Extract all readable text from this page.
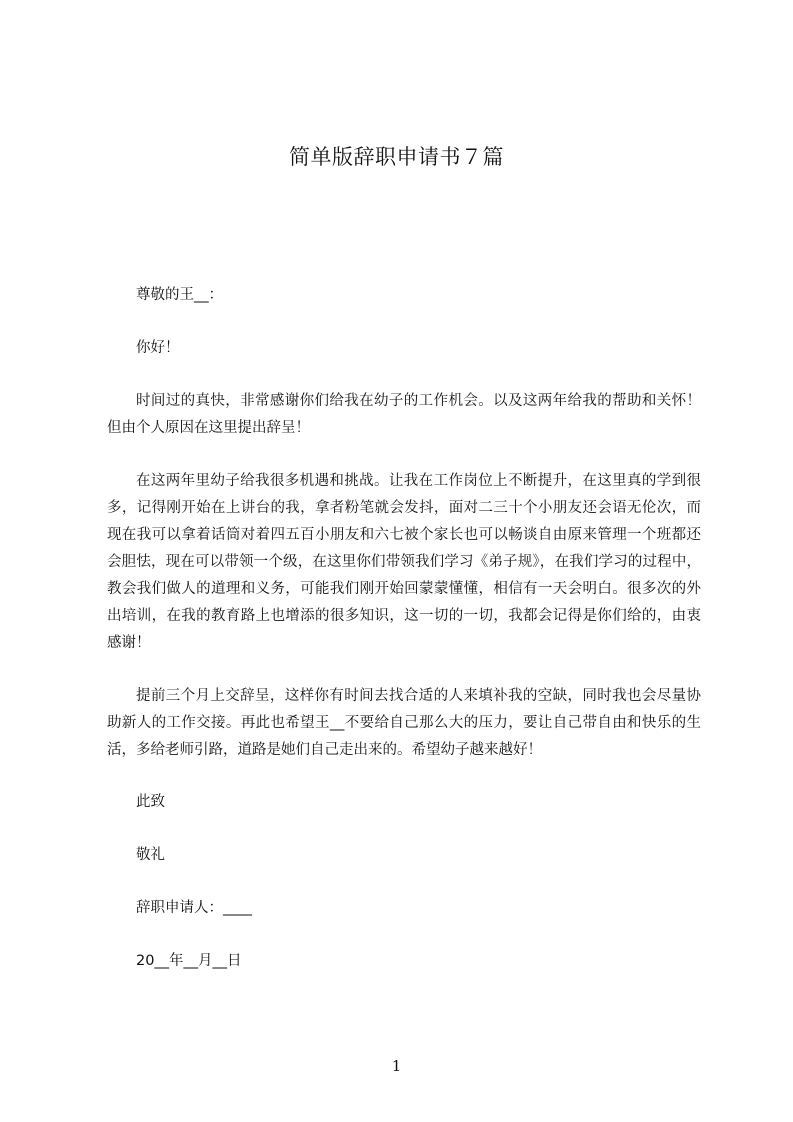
简单版辞职申请书７篇

尊敬的王__：

你好！

时间过的真快，非常感谢你们给我在幼子的工作机会。以及这两年给我的帮助和关怀！但由个人原因在这里提出辞呈！

在这两年里幼子给我很多机遇和挑战。让我在工作岗位上不断提升，在这里真的学到很多，记得刚开始在上讲台的我，拿者粉笔就会发抖，面对二三十个小朋友还会语无伦次，而现在我可以拿着话筒对着四五百小朋友和六七被个家长也可以畅谈自由原来管理一个班都还会胆怯，现在可以带领一个级，在这里你们带领我们学习《弟子规》，在我们学习的过程中，教会我们做人的道理和义务，可能我们刚开始回蒙蒙懂懂，相信有一天会明白。很多次的外出培训，在我的教育路上也增添的很多知识，这一切的一切，我都会记得是你们给的，由衷感谢！

提前三个月上交辞呈，这样你有时间去找合适的人来填补我的空缺，同时我也会尽量协助新人的工作交接。再此也希望王__不要给自己那么大的压力，要让自己带自由和快乐的生活，多给老师引路，道路是她们自己走出来的。希望幼子越来越好！

此致

敬礼

辞职申请人：____

20__年__月__日

1
